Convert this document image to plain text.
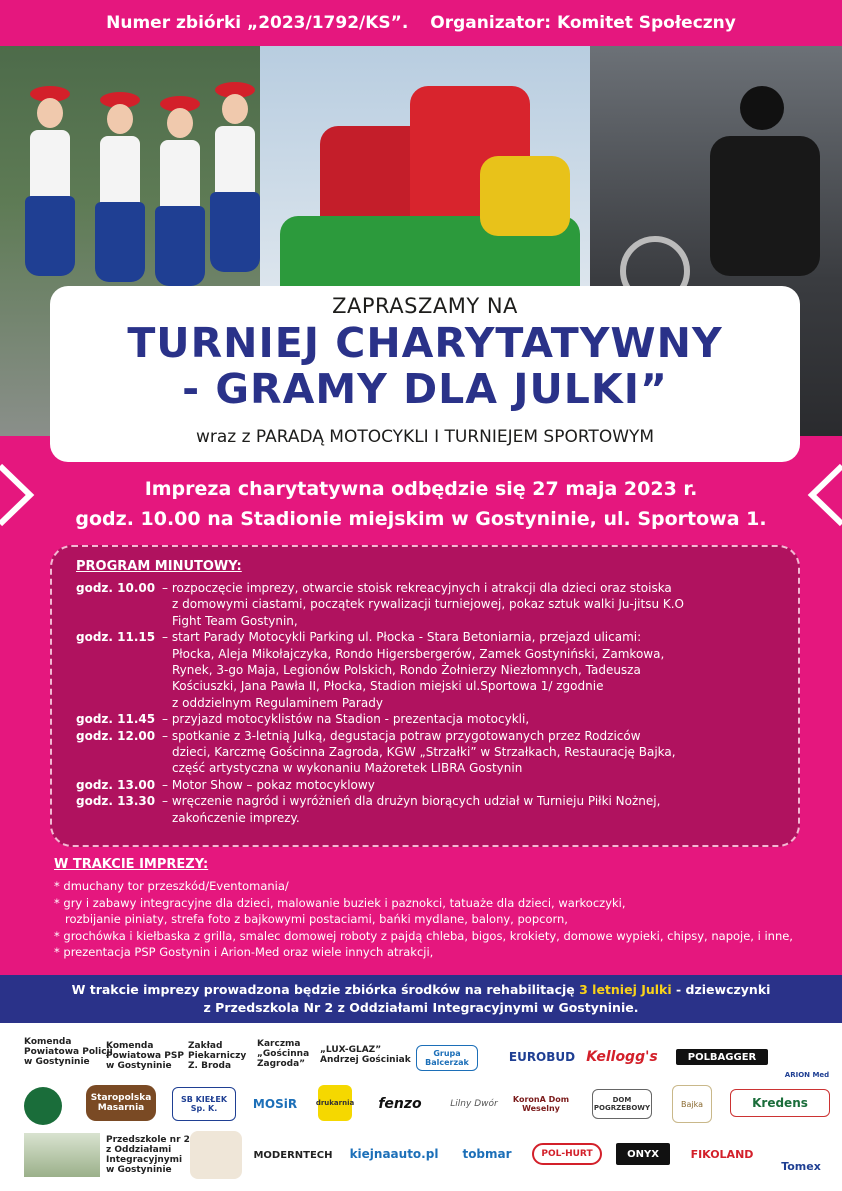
Numer zbiórki „2023/1792/KS”. Organizator: Komitet Społeczny
ZAPRASZAMY NA
TURNIEJ CHARYTATYWNY
- GRAMY DLA JULKI”
wraz z PARADĄ MOTOCYKLI I TURNIEJEM SPORTOWYM
Impreza charytatywna odbędzie się 27 maja 2023 r.
godz. 10.00 na Stadionie miejskim w Gostyninie, ul. Sportowa 1.
PROGRAM MINUTOWY:
godz. 10.00 – rozpoczęcie imprezy, otwarcie stoisk rekreacyjnych i atrakcji dla dzieci oraz stoiska
z domowymi ciastami, początek rywalizacji turniejowej, pokaz sztuk walki Ju-jitsu K.O
Fight Team Gostynin,
godz. 11.15 – start Parady Motocykli Parking ul. Płocka - Stara Betoniarnia, przejazd ulicami:
Płocka, Aleja Mikołajczyka, Rondo Higersbergerów, Zamek Gostyniński, Zamkowa,
Rynek, 3-go Maja, Legionów Polskich, Rondo Żołnierzy Niezłomnych, Tadeusza
Kościuszki, Jana Pawła II, Płocka, Stadion miejski ul.Sportowa 1/ zgodnie
z oddzielnym Regulaminem Parady
godz. 11.45 – przyjazd motocyklistów na Stadion - prezentacja motocykli,
godz. 12.00 – spotkanie z 3-letnią Julką, degustacja potraw przygotowanych przez Rodziców
dzieci, Karczmę Gościnna Zagroda, KGW „Strzałki” w Strzałkach, Restaurację Bajka,
część artystyczna w wykonaniu Mażoretek LIBRA Gostynin
godz. 13.00 – Motor Show – pokaz motocyklowy
godz. 13.30 – wręczenie nagród i wyróżnień dla drużyn biorących udział w Turnieju Piłki Nożnej,
zakończenie imprezy.
W TRAKCIE IMPREZY:
* dmuchany tor przeszkód/Eventomania/
* gry i zabawy integracyjne dla dzieci, malowanie buziek i paznokci, tatuaże dla dzieci, warkoczyki,
rozbijanie piniaty, strefa foto z bajkowymi postaciami, bańki mydlane, balony, popcorn,
* grochówka i kiełbaska z grilla, smalec domowej roboty z pajdą chleba, bigos, krokiety, domowe wypieki, chipsy, napoje, i inne,
* prezentacja PSP Gostynin i Arion-Med oraz wiele innych atrakcji,
W trakcie imprezy prowadzona będzie zbiórka środków na rehabilitację 3 letniej Julki - dziewczynki
z Przedszkola Nr 2 z Oddziałami Integracyjnymi w Gostyninie.
Komenda
Powiatowa Policji
w Gostyninie
Komenda
Powiatowa PSP
w Gostyninie
Zakład
Piekarniczy
Z. Broda
Karczma
„Gościnna
Zagroda”
„LUX-GLAZ”
Andrzej Gościniak
Grupa Balcerzak	EUROBUD Kellogg's	POLBAGGER
ARION Med
Staropolska Masarnia
SB KIEŁEK Sp. K.	MOSiR	drukarnia	fenzo	Lilny Dwór	KoronA Dom Weselny
DOM POGRZEBOWY	Bajka	Kredens
Przedszkole nr 2
z Oddziałami
Integracyjnymi
w Gostyninie
MODERNTECH kiejnaauto.pl	tobmar	POL-HURT	ONYX	FIKOLAND
Tomex
